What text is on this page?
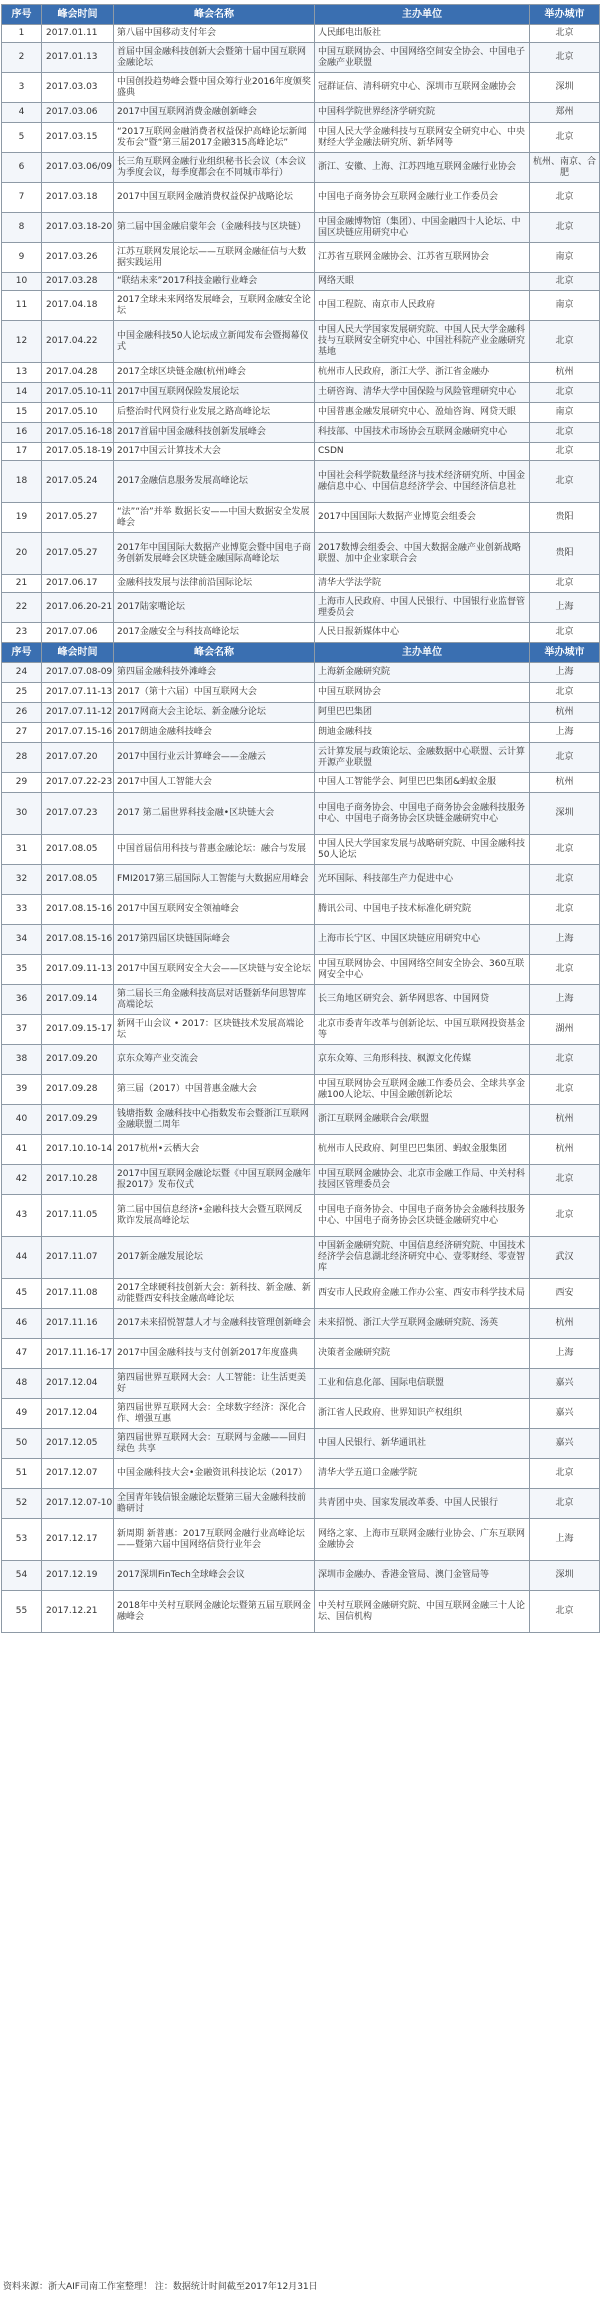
序号	峰会时间	峰会名称	主办单位	举办城市
1	2017.01.11	第八届中国移动支付年会	人民邮电出版社	北京
2	2017.01.13	首届中国金融科技创新大会暨第十届中国互联网金融论坛	中国互联网协会、中国网络空间安全协会、中国电子金融产业联盟	北京
3	2017.03.03	中国创投趋势峰会暨中国众筹行业2016年度颁奖盛典	冠群证信、清科研究中心、深圳市互联网金融协会	深圳
4	2017.03.06	2017中国互联网消费金融创新峰会	中国科学院世界经济学研究院	郑州
5	2017.03.15	“2017互联网金融消费者权益保护高峰论坛新闻发布会”暨“第三届2017金融315高峰论坛”	中国人民大学金融科技与互联网安全研究中心、中央财经大学金融法研究所、新华网等	北京
6	2017.03.06/09	长三角互联网金融行业组织秘书长会议（本会议为季度会议，每季度都会在不同城市举行）	浙江、安徽、上海、江苏四地互联网金融行业协会	杭州、南京、合肥
7	2017.03.18	2017中国互联网金融消费权益保护战略论坛	中国电子商务协会互联网金融行业工作委员会	北京
8	2017.03.18-20	第二届中国金融启蒙年会（金融科技与区块链）	中国金融博物馆（集团）、中国金融四十人论坛、中国区块链应用研究中心	北京
9	2017.03.26	江苏互联网发展论坛——互联网金融征信与大数据实践运用	江苏省互联网金融协会、江苏省互联网协会	南京
10	2017.03.28	“联结未来”2017科技金融行业峰会	网络天眼	北京
11	2017.04.18	2017全球未来网络发展峰会，互联网金融安全论坛	中国工程院、南京市人民政府	南京
12	2017.04.22	中国金融科技50人论坛成立新闻发布会暨揭幕仪式	中国人民大学国家发展研究院、中国人民大学金融科技与互联网安全研究中心、中国社科院产业金融研究基地	北京
13	2017.04.28	2017全球区块链金融(杭州)峰会	杭州市人民政府，浙江大学、浙江省金融办	杭州
14	2017.05.10-11	2017中国互联网保险发展论坛	土研咨询、清华大学中国保险与风险管理研究中心	北京
15	2017.05.10	后整治时代网贷行业发展之路高峰论坛	中国普惠金融发展研究中心、盈灿咨询、网贷天眼	南京
16	2017.05.16-18	2017首届中国金融科技创新发展峰会	科技部、中国技术市场协会互联网金融研究中心	北京
17	2017.05.18-19	2017中国云计算技术大会	CSDN	北京
18	2017.05.24	2017金融信息服务发展高峰论坛	中国社会科学院数量经济与技术经济研究所、中国金融信息中心、中国信息经济学会、中国经济信息社	北京
19	2017.05.27	“法”“治”并举 数据长安——中国大数据安全发展峰会	2017中国国际大数据产业博览会组委会	贵阳
20	2017.05.27	2017年中国国际大数据产业博览会暨中国电子商务创新发展峰会区块链金融国际高峰论坛	2017数博会组委会、中国大数据金融产业创新战略联盟、加中企业家联合会	贵阳
21	2017.06.17	金融科技发展与法律前沿国际论坛	清华大学法学院	北京
22	2017.06.20-21	2017陆家嘴论坛	上海市人民政府、中国人民银行、中国银行业监督管理委员会	上海
23	2017.07.06	2017金融安全与科技高峰论坛	人民日报新媒体中心	北京
序号	峰会时间	峰会名称	主办单位	举办城市
24	2017.07.08-09	第四届金融科技外滩峰会	上海新金融研究院	上海
25	2017.07.11-13	2017（第十六届）中国互联网大会	中国互联网协会	北京
26	2017.07.11-12	2017网商大会主论坛、新金融分论坛	阿里巴巴集团	杭州
27	2017.07.15-16	2017朗迪金融科技峰会	朗迪金融科技	上海
28	2017.07.20	2017中国行业云计算峰会——金融云	云计算发展与政策论坛、金融数据中心联盟、云计算开源产业联盟	北京
29	2017.07.22-23	2017中国人工智能大会	中国人工智能学会、阿里巴巴集团&蚂蚁金服	杭州
30	2017.07.23	2017 第二届世界科技金融•区块链大会	中国电子商务协会、中国电子商务协会金融科技服务中心、中国电子商务协会区块链金融研究中心	深圳
31	2017.08.05	中国首届信用科技与普惠金融论坛：融合与发展	中国人民大学国家发展与战略研究院、中国金融科技50人论坛	北京
32	2017.08.05	FMI2017第三届国际人工智能与大数据应用峰会	光环国际、科技部生产力促进中心	北京
33	2017.08.15-16	2017中国互联网安全领袖峰会	腾讯公司、中国电子技术标准化研究院	北京
34	2017.08.15-16	2017第四届区块链国际峰会	上海市长宁区、中国区块链应用研究中心	上海
35	2017.09.11-13	2017中国互联网安全大会——区块链与安全论坛	中国互联网协会、中国网络空间安全协会、360互联网安全中心	北京
36	2017.09.14	第二届长三角金融科技高层对话暨新华问思智库高端论坛	长三角地区研究会、新华网思客、中国网贷	上海
37	2017.09.15-17	新网干山会议 • 2017：区块链技术发展高端论坛	北京市委青年改革与创新论坛、中国互联网投资基金等	湖州
38	2017.09.20	京东众筹产业交流会	京东众筹、三角形科技、枫源文化传媒	北京
39	2017.09.28	第三届（2017）中国普惠金融大会	中国互联网协会互联网金融工作委员会、全球共享金融100人论坛、中国金融创新论坛	北京
40	2017.09.29	钱塘指数 金融科技中心指数发布会暨浙江互联网金融联盟二周年	浙江互联网金融联合会/联盟	杭州
41	2017.10.10-14	2017杭州•云栖大会	杭州市人民政府、阿里巴巴集团、蚂蚁金服集团	杭州
42	2017.10.28	2017中国互联网金融论坛暨《中国互联网金融年报2017》发布仪式	中国互联网金融协会、北京市金融工作局、中关村科技园区管理委员会	北京
43	2017.11.05	第二届中国信息经济•金融科技大会暨互联网反欺诈发展高峰论坛	中国电子商务协会、中国电子商务协会金融科技服务中心、中国电子商务协会区块链金融研究中心	北京
44	2017.11.07	2017新金融发展论坛	中国新金融研究院、中国信息经济研究院、中国技术经济学会信息湖北经济研究中心、壹零财经、零壹智库	武汉
45	2017.11.08	2017全球硬科技创新大会：新科技、新金融、新动能暨西安科技金融高峰论坛	西安市人民政府金融工作办公室、西安市科学技术局	西安
46	2017.11.16	2017未来招悦智慧人才与金融科技管理创新峰会	未来招悦、浙江大学互联网金融研究院、汤英	杭州
47	2017.11.16-17	2017中国金融科技与支付创新2017年度盛典	决策者金融研究院	上海
48	2017.12.04	第四届世界互联网大会：人工智能：让生活更美好	工业和信息化部、国际电信联盟	嘉兴
49	2017.12.04	第四届世界互联网大会：全球数字经济：深化合作、增强互惠	浙江省人民政府、世界知识产权组织	嘉兴
50	2017.12.05	第四届世界互联网大会：互联网与金融——回归 绿色 共享	中国人民银行、新华通讯社	嘉兴
51	2017.12.07	中国金融科技大会•金融资讯科技论坛（2017）	清华大学五道口金融学院	北京
52	2017.12.07-10	全国青年钱信银金融论坛暨第三届大金融科技前瞻研讨	共青团中央、国家发展改革委、中国人民银行	北京
53	2017.12.17	新周期 新普惠：2017互联网金融行业高峰论坛——暨第六届中国网络信贷行业年会	网络之家、上海市互联网金融行业协会、广东互联网金融协会	上海
54	2017.12.19	2017深圳FinTech全球峰会会议	深圳市金融办、香港金管局、澳门金管局等	深圳
55	2017.12.21	2018年中关村互联网金融论坛暨第五届互联网金融峰会	中关村互联网金融研究院、中国互联网金融三十人论坛、国信机构	北京
资料来源：浙大AIF司南工作室整理！ 注：数据统计时间截至2017年12月31日
